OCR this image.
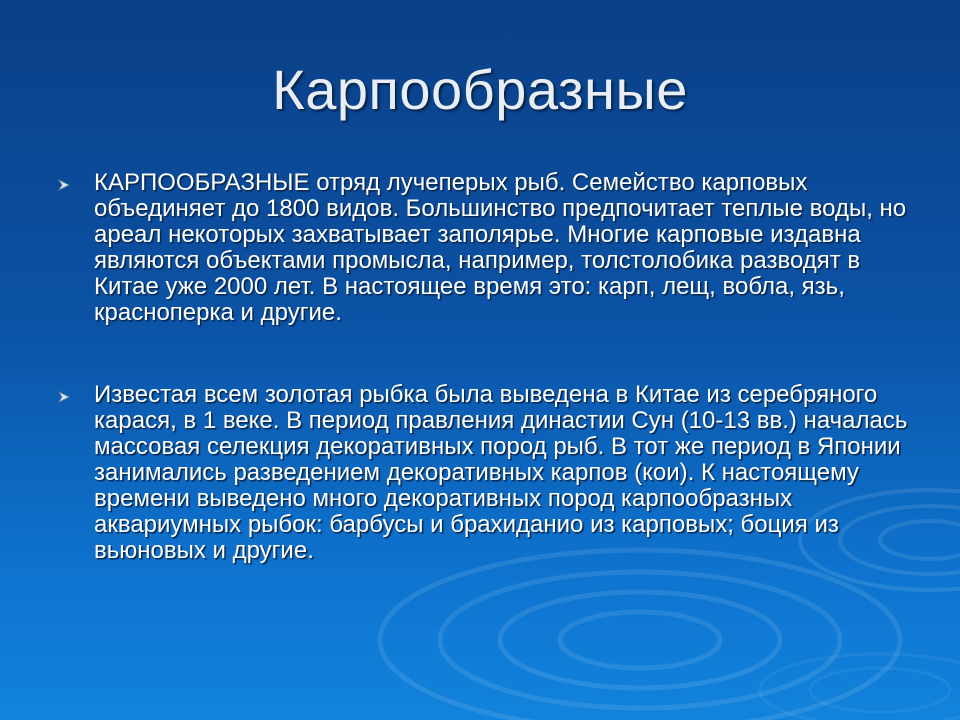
Карпообразные
КАРПООБРАЗНЫЕ отряд лучеперых рыб. Семейство карповых объединяет до 1800 видов. Большинство предпочитает теплые воды, но ареал некоторых захватывает заполярье. Многие карповые издавна являются объектами промысла, например, толстолобика разводят в Китае уже 2000 лет. В настоящее время это: карп, лещ, вобла, язь, красноперка и другие.
Известая всем золотая рыбка была выведена в Китае из серебряного карася, в 1 веке. В период правления династии Сун (10-13 вв.) началась массовая селекция декоративных пород рыб. В тот же период в Японии занимались разведением декоративных карпов (кои). К настоящему времени выведено много декоративных пород карпообразных аквариумных рыбок: барбусы и брахиданио из карповых; боция из вьюновых и другие.
